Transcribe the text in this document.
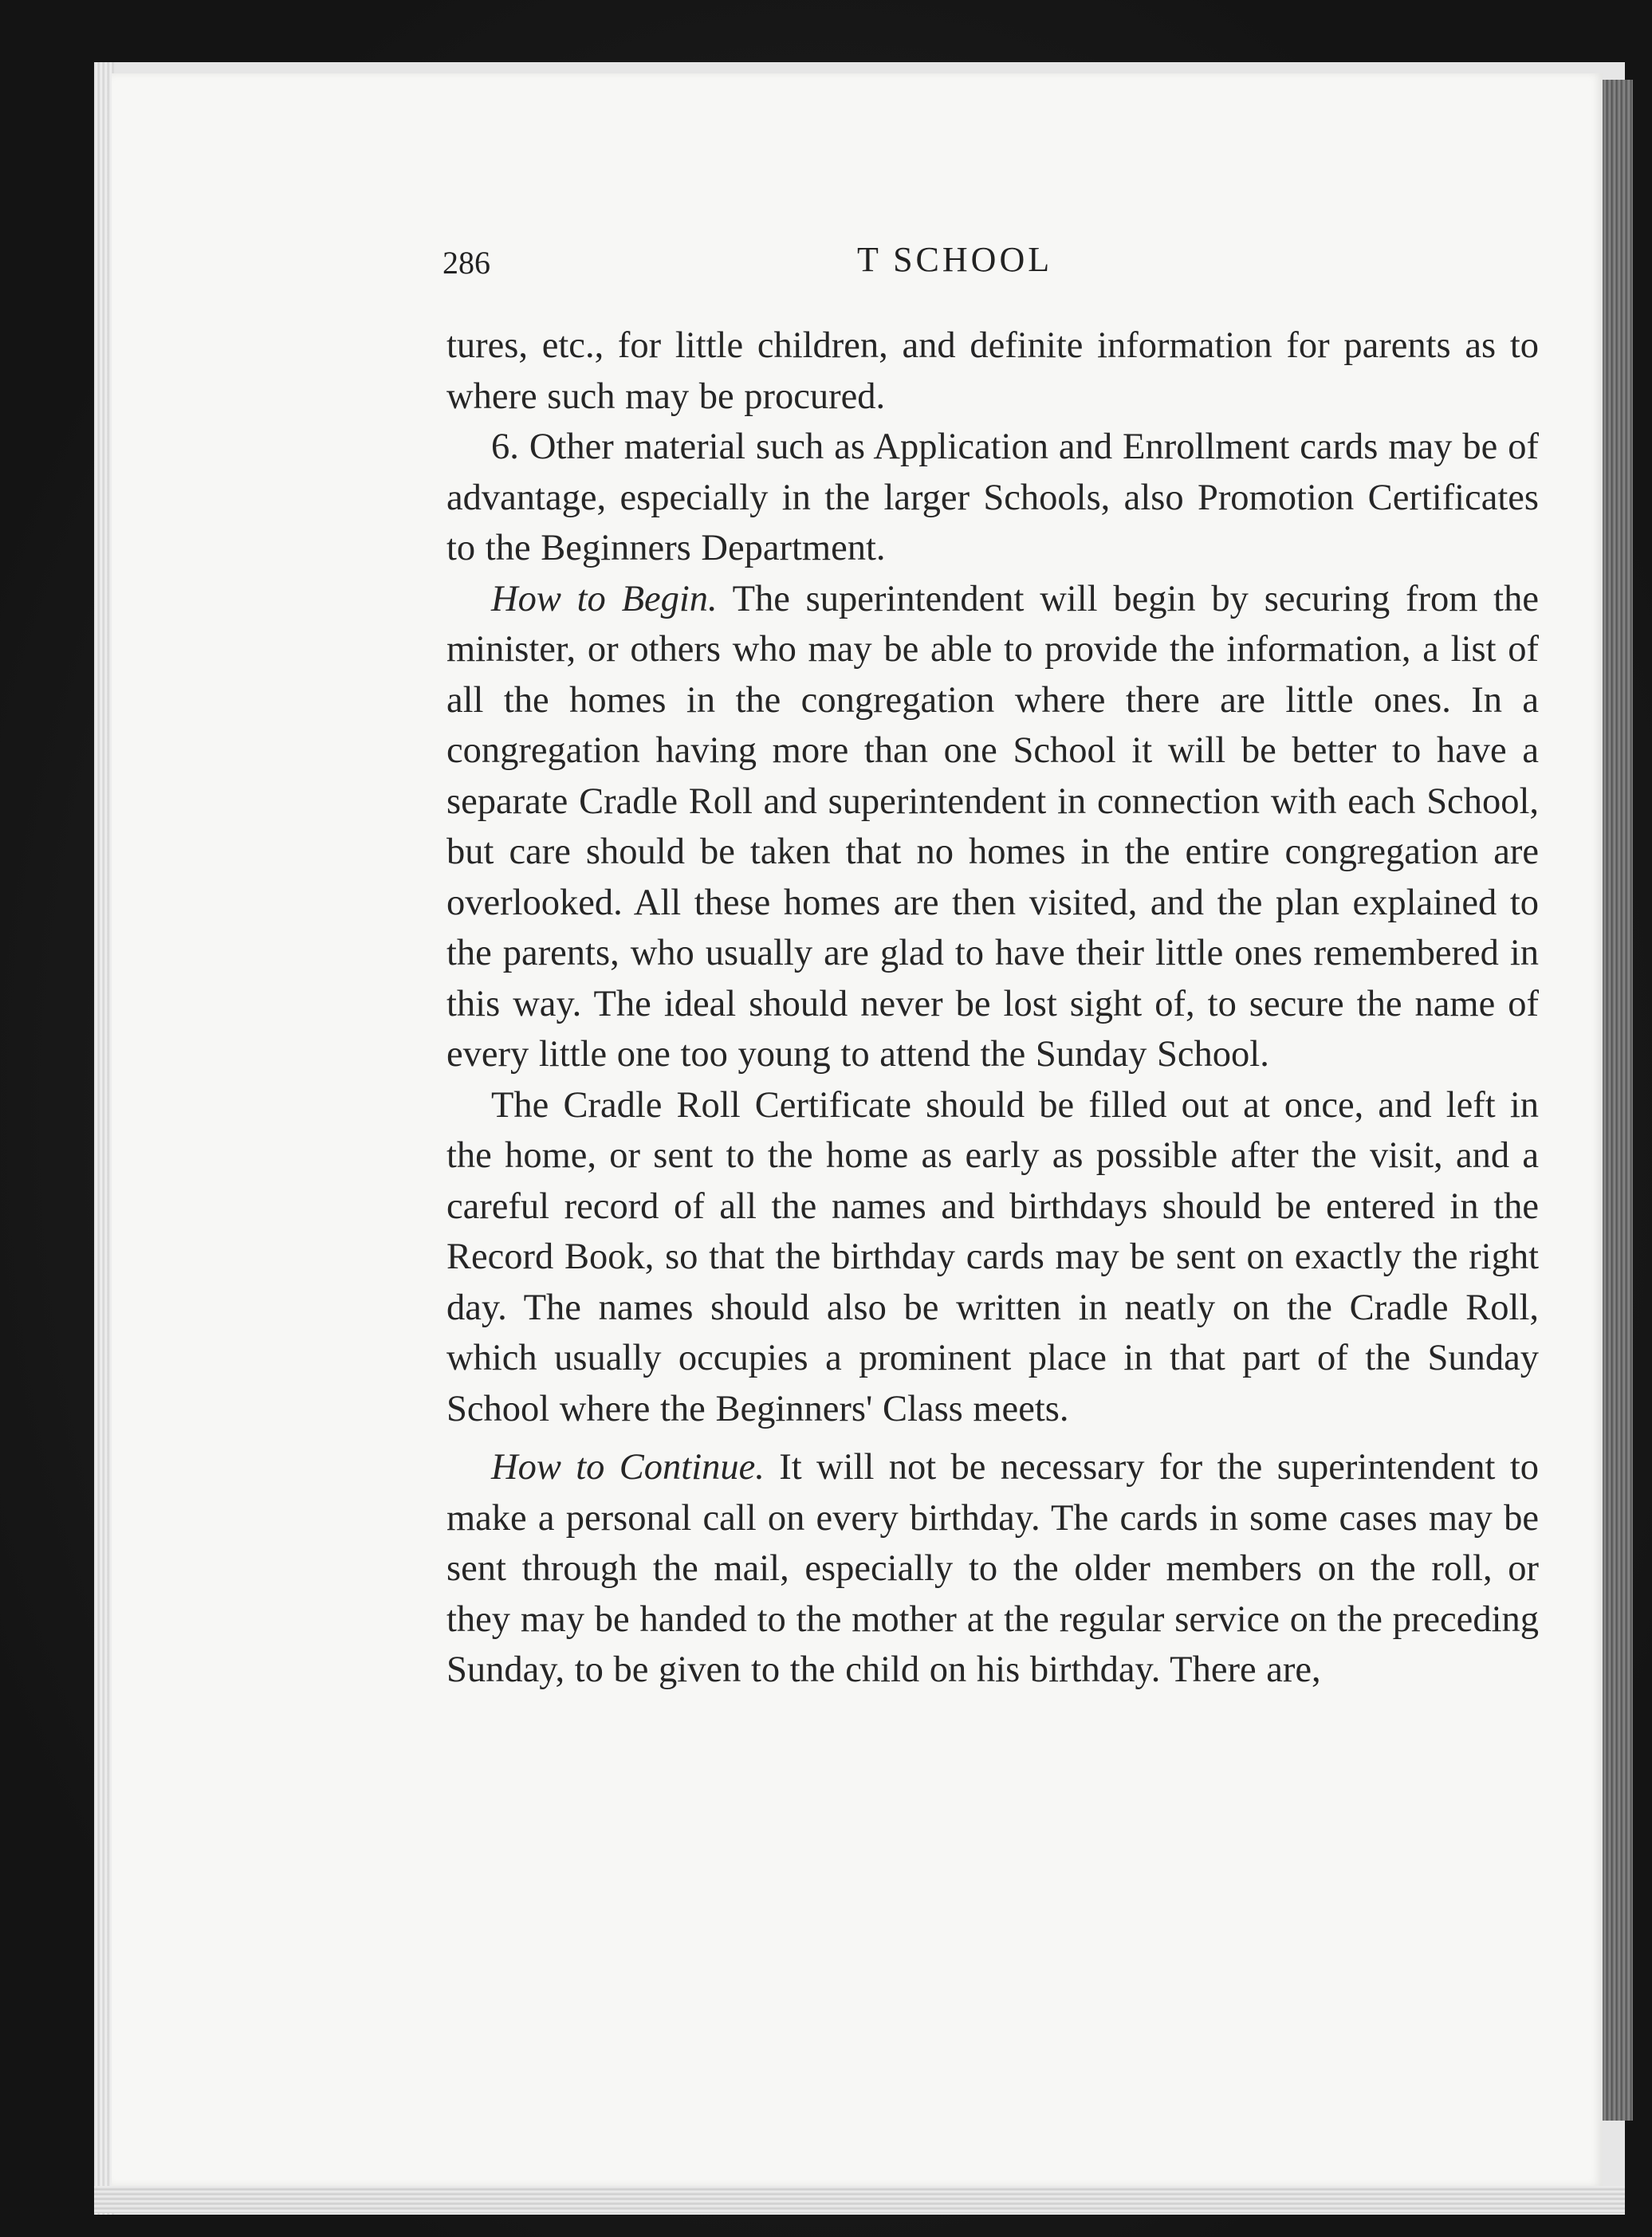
286	T SCHOOL

tures, etc., for little children, and definite information for parents as to where such may be procured.

6. Other material such as Application and Enrollment cards may be of advantage, especially in the larger Schools, also Promotion Certificates to the Beginners Department.

How to Begin. The superintendent will begin by securing from the minister, or others who may be able to provide the information, a list of all the homes in the congregation where there are little ones. In a congregation having more than one School it will be better to have a separate Cradle Roll and superintendent in connection with each School, but care should be taken that no homes in the entire congregation are overlooked. All these homes are then visited, and the plan explained to the parents, who usually are glad to have their little ones remembered in this way. The ideal should never be lost sight of, to secure the name of every little one too young to attend the Sunday School.

The Cradle Roll Certificate should be filled out at once, and left in the home, or sent to the home as early as possible after the visit, and a careful record of all the names and birthdays should be entered in the Record Book, so that the birthday cards may be sent on exactly the right day. The names should also be written in neatly on the Cradle Roll, which usually occupies a prominent place in that part of the Sunday School where the Beginners' Class meets.

How to Continue. It will not be necessary for the superintendent to make a personal call on every birthday. The cards in some cases may be sent through the mail, especially to the older members on the roll, or they may be handed to the mother at the regular service on the preceding Sunday, to be given to the child on his birthday. There are,
